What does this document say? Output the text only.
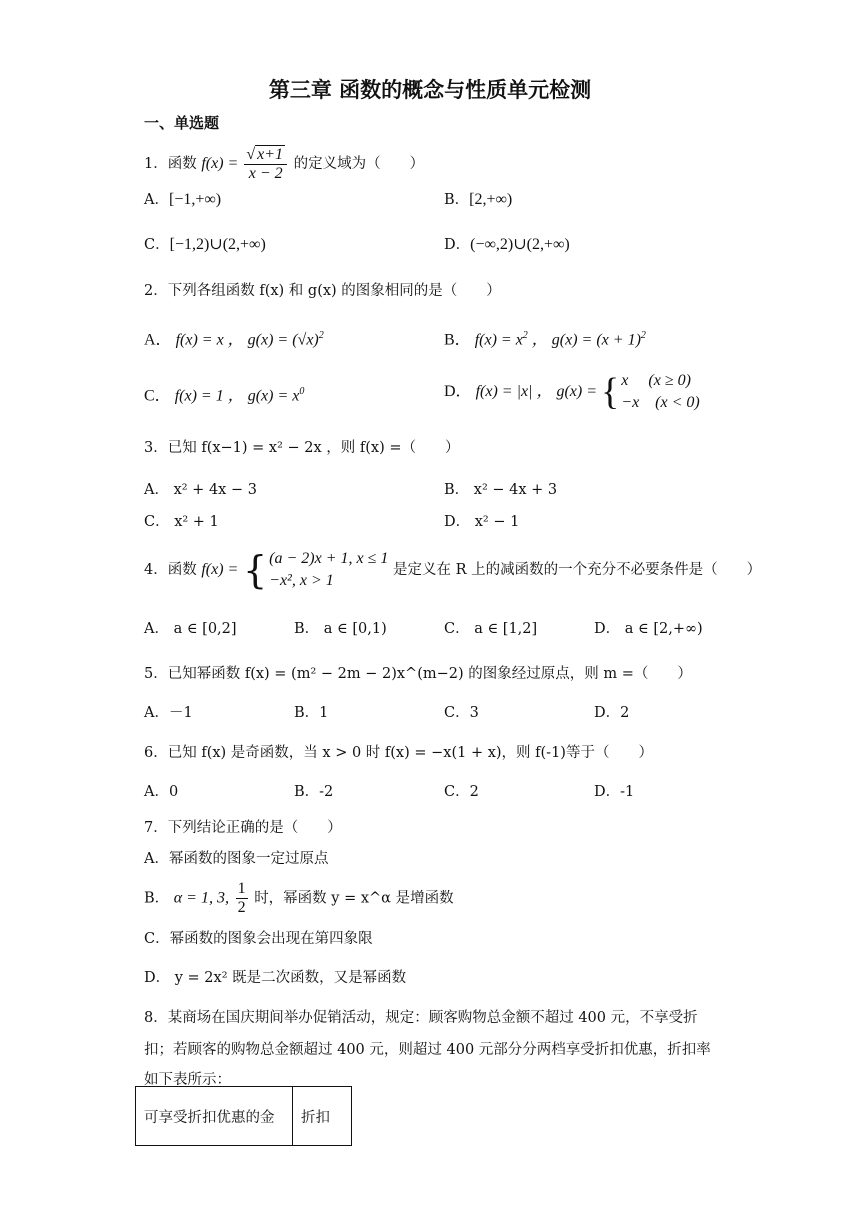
第三章 函数的概念与性质单元检测
一、单选题
1．函数 $f(x) = \frac{√ x+1}{x - 2}$ 的定义域为（　　）
A．[−1,+∞)	B．[2,+∞)
C．[−1,2)∪(2,+∞)	D．(−∞,2)∪(2,+∞)
2．下列各组函数 f(x) 和 g(x) 的图象相同的是（　　）
A． f(x) = x ， $g(x) = (√x)^2$	B． $f(x) = x^2$ ， $g(x) = (x + 1)^2$
C． f(x) = 1 ， $g(x) = x^0$	D． f(x) = |x| ， g(x) = { x　 (x ≥ 0)
−x　(x < 0)
3．已知 f(x−1) = x² − 2x ，则 f(x) =（　　）
A． x² + 4x − 3	B． x² − 4x + 3
C． x² + 1	D． x² − 1
4．函数 f(x) = { (a − 2)x + 1, x ≤ 1
−x², x > 1
是定义在 R 上的减函数的一个充分不必要条件是（　　）
A． a ∈ [0,2]	B． a ∈ [0,1)	C． a ∈ [1,2]	D． a ∈ [2,+∞)
5．已知幂函数 f(x) = (m² − 2m − 2)x^(m−2) 的图象经过原点，则 m =（　　）
A．－1	B．1	C．3	D．2
6．已知 f(x) 是奇函数，当 x > 0 时 f(x) = −x(1 + x)，则 f(-1)等于（　　）
A．0	B．-2	C．2	D．-1
7．下列结论正确的是（　　）
A．幂函数的图象一定过原点
B． α = 1, 3, $\frac{1}{2}$ 时，幂函数 y = x^α 是增函数
C．幂函数的图象会出现在第四象限
D． y = 2x² 既是二次函数，又是幂函数
8．某商场在国庆期间举办促销活动，规定：顾客购物总金额不超过 400 元，不享受折
扣；若顾客的购物总金额超过 400 元，则超过 400 元部分分两档享受折扣优惠，折扣率
如下表所示：
可享受折扣优惠的金	折扣
